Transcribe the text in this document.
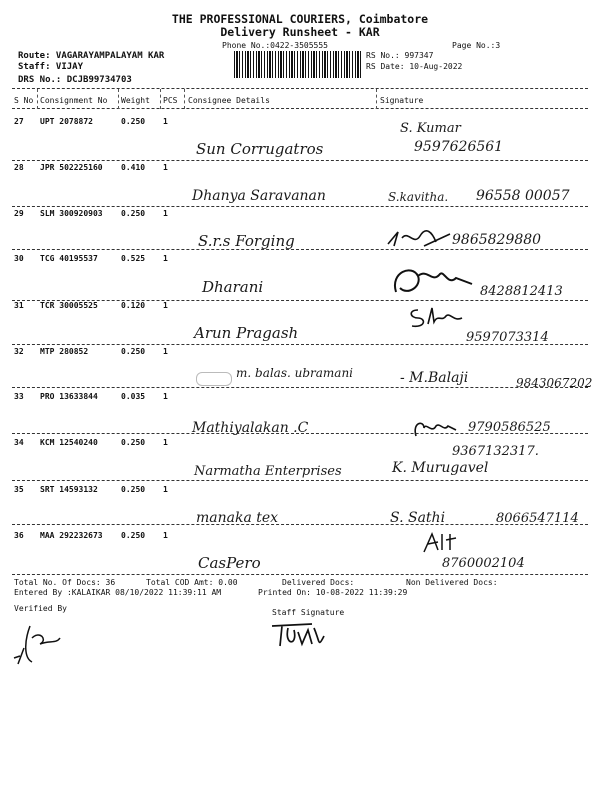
THE PROFESSIONAL COURIERS, Coimbatore
Delivery Runsheet - KAR
Phone No.:0422-3505555	Page No.:3
Route: VAGARAYAMPALAYAM KAR
Staff: VIJAY
DRS No.: DCJB99734703
RS No.: 997347
RS Date: 10-Aug-2022
S No Consignment No Weight PCS Consignee Details	Signature
27 UPT 2078872	0.250 1
Sun Corrugatros
S. Kumar
9597626561
28 JPR 502225160 0.410 1
Dhanya Saravanan	S.kavitha. 96558 00057
29 SLM 300920903 0.250 1
S.r.s Forging	9865829880
30 TCG 40195537	0.525 1
Dharani	8428812413
31 TCR 30005525	0.120 1
Arun Pragash	9597073314
32 MTP 280852	0.250 1
m. balas. ubramani	- M.Balaji	9843067202
33 PRO 13633844	0.035 1
Mathiyalakan .C	9790586525
34 KCM 12540240	0.250 1
9367132317.
Narmatha Enterprises	K. Murugavel
35 SRT 14593132	0.250 1
manaka tex	S. Sathi	8066547114
36 MAA 292232673 0.250 1
CasPero	8760002104
Total No. Of Docs: 36	Total COD Amt: 0.00	Delivered Docs:	Non Delivered Docs:
Entered By :KALAIKAR 08/10/2022 11:39:11 AM	Printed On: 10-08-2022 11:39:29
Verified By	Staff Signature
